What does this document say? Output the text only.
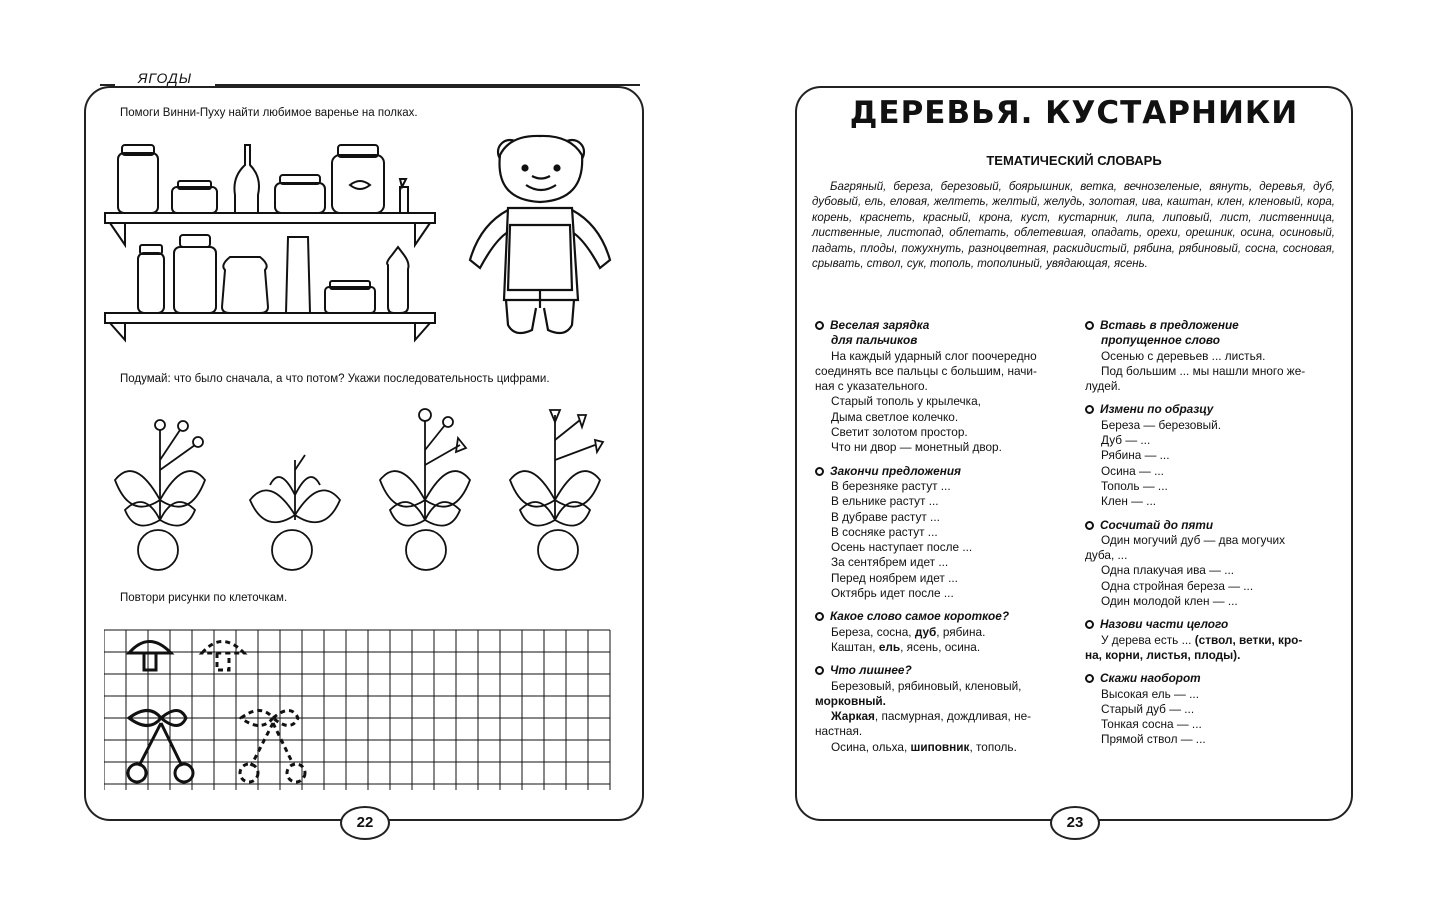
ЯГОДЫ
Помоги Винни-Пуху найти любимое варенье на полках.
Подумай: что было сначала, а что потом? Укажи последовательность цифрами.
Повтори рисунки по клеточкам.
22
ДЕРЕВЬЯ. КУСТАРНИКИ
ТЕМАТИЧЕСКИЙ СЛОВАРЬ
Багряный, береза, березовый, боярышник, ветка, вечнозеленые, вянуть, деревья, дуб, дубовый, ель, еловая, желтеть, желтый, желудь, золотая, ива, каштан, клен, кленовый, кора, корень, краснеть, красный, крона, куст, кустарник, липа, липовый, лист, лиственница, лиственные, листопад, облетать, облетевшая, опадать, орехи, орешник, осина, осиновый, падать, плоды, пожухнуть, разноцветная, раскидистый, рябина, рябиновый, сосна, сосновая, срывать, ствол, сук, тополь, тополиный, увядающая, ясень.
Веселая зарядка
для пальчиков
На каждый ударный слог поочередно
соединять все пальцы с большим, начи-
ная с указательного.
Старый тополь у крылечка,
Дыма светлое колечко.
Светит золотом простор.
Что ни двор — монетный двор.
Закончи предложения
В березняке растут ...
В ельнике растут ...
В дубраве растут ...
В сосняке растут ...
Осень наступает после ...
За сентябрем идет ...
Перед ноябрем идет ...
Октябрь идет после ...
Какое слово самое короткое?
Береза, сосна, дуб, рябина.
Каштан, ель, ясень, осина.
Что лишнее?
Березовый, рябиновый, кленовый,
морковный.
Жаркая, пасмурная, дождливая, не-
настная.
Осина, ольха, шиповник, тополь.
Вставь в предложение
пропущенное слово
Осенью с деревьев ... листья.
Под большим ... мы нашли много же-
лудей.
Измени по образцу
Береза — березовый.
Дуб — ...
Рябина — ...
Осина — ...
Тополь — ...
Клен — ...
Сосчитай до пяти
Один могучий дуб — два могучих
дуба, ...
Одна плакучая ива — ...
Одна стройная береза — ...
Один молодой клен — ...
Назови части целого
У дерева есть ... (ствол, ветки, кро-
на, корни, листья, плоды).
Скажи наоборот
Высокая ель — ...
Старый дуб — ...
Тонкая сосна — ...
Прямой ствол — ...
23
